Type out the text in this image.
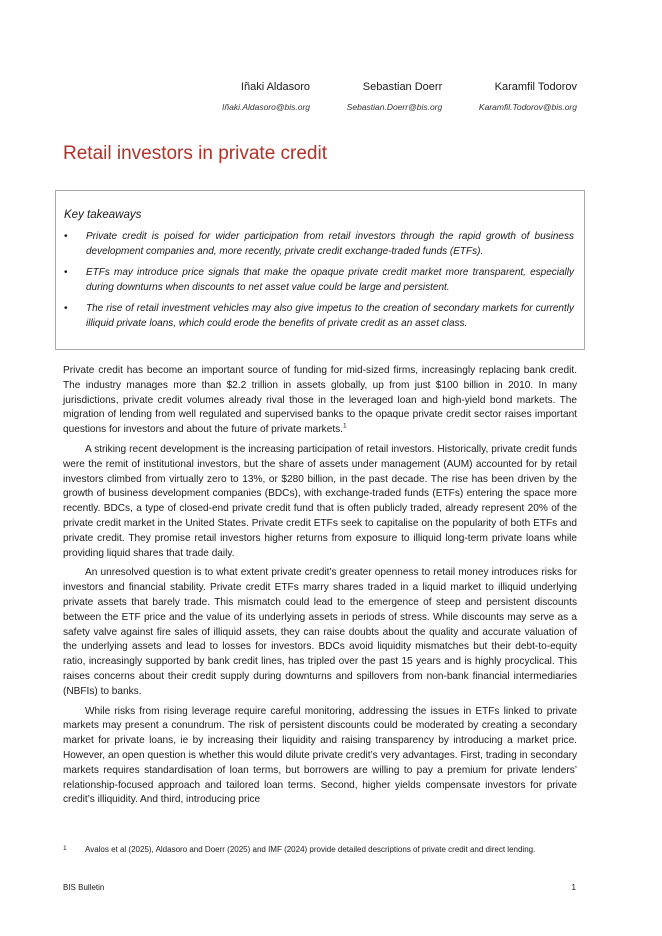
Iñaki Aldasoro
Iñaki.Aldasoro@bis.org
Sebastian Doerr
Sebastian.Doerr@bis.org
Karamfil Todorov
Karamfil.Todorov@bis.org
Retail investors in private credit

Key takeaways

• Private credit is poised for wider participation from retail investors through the rapid growth of business development companies and, more recently, private credit exchange-traded funds (ETFs).
• ETFs may introduce price signals that make the opaque private credit market more transparent, especially during downturns when discounts to net asset value could be large and persistent.
• The rise of retail investment vehicles may also give impetus to the creation of secondary markets for currently illiquid private loans, which could erode the benefits of private credit as an asset class.

Private credit has become an important source of funding for mid-sized firms, increasingly replacing bank credit. The industry manages more than $2.2 trillion in assets globally, up from just $100 billion in 2010. In many jurisdictions, private credit volumes already rival those in the leveraged loan and high-yield bond markets. The migration of lending from well regulated and supervised banks to the opaque private credit sector raises important questions for investors and about the future of private markets.$^1$

A striking recent development is the increasing participation of retail investors. Historically, private credit funds were the remit of institutional investors, but the share of assets under management (AUM) accounted for by retail investors climbed from virtually zero to 13%, or $280 billion, in the past decade. The rise has been driven by the growth of business development companies (BDCs), with exchange-traded funds (ETFs) entering the space more recently. BDCs, a type of closed-end private credit fund that is often publicly traded, already represent 20% of the private credit market in the United States. Private credit ETFs seek to capitalise on the popularity of both ETFs and private credit. They promise retail investors higher returns from exposure to illiquid long-term private loans while providing liquid shares that trade daily.

An unresolved question is to what extent private credit’s greater openness to retail money introduces risks for investors and financial stability. Private credit ETFs marry shares traded in a liquid market to illiquid underlying private assets that barely trade. This mismatch could lead to the emergence of steep and persistent discounts between the ETF price and the value of its underlying assets in periods of stress. While discounts may serve as a safety valve against fire sales of illiquid assets, they can raise doubts about the quality and accurate valuation of the underlying assets and lead to losses for investors. BDCs avoid liquidity mismatches but their debt-to-equity ratio, increasingly supported by bank credit lines, has tripled over the past 15 years and is highly procyclical. This raises concerns about their credit supply during downturns and spillovers from non-bank financial intermediaries (NBFIs) to banks.

While risks from rising leverage require careful monitoring, addressing the issues in ETFs linked to private markets may present a conundrum. The risk of persistent discounts could be moderated by creating a secondary market for private loans, ie by increasing their liquidity and raising transparency by introducing a market price. However, an open question is whether this would dilute private credit’s very advantages. First, trading in secondary markets requires standardisation of loan terms, but borrowers are willing to pay a premium for private lenders’ relationship-focused approach and tailored loan terms. Second, higher yields compensate investors for private credit’s illiquidity. And third, introducing price

1	Avalos et al (2025), Aldasoro and Doerr (2025) and IMF (2024) provide detailed descriptions of private credit and direct lending.
BIS Bulletin	1
